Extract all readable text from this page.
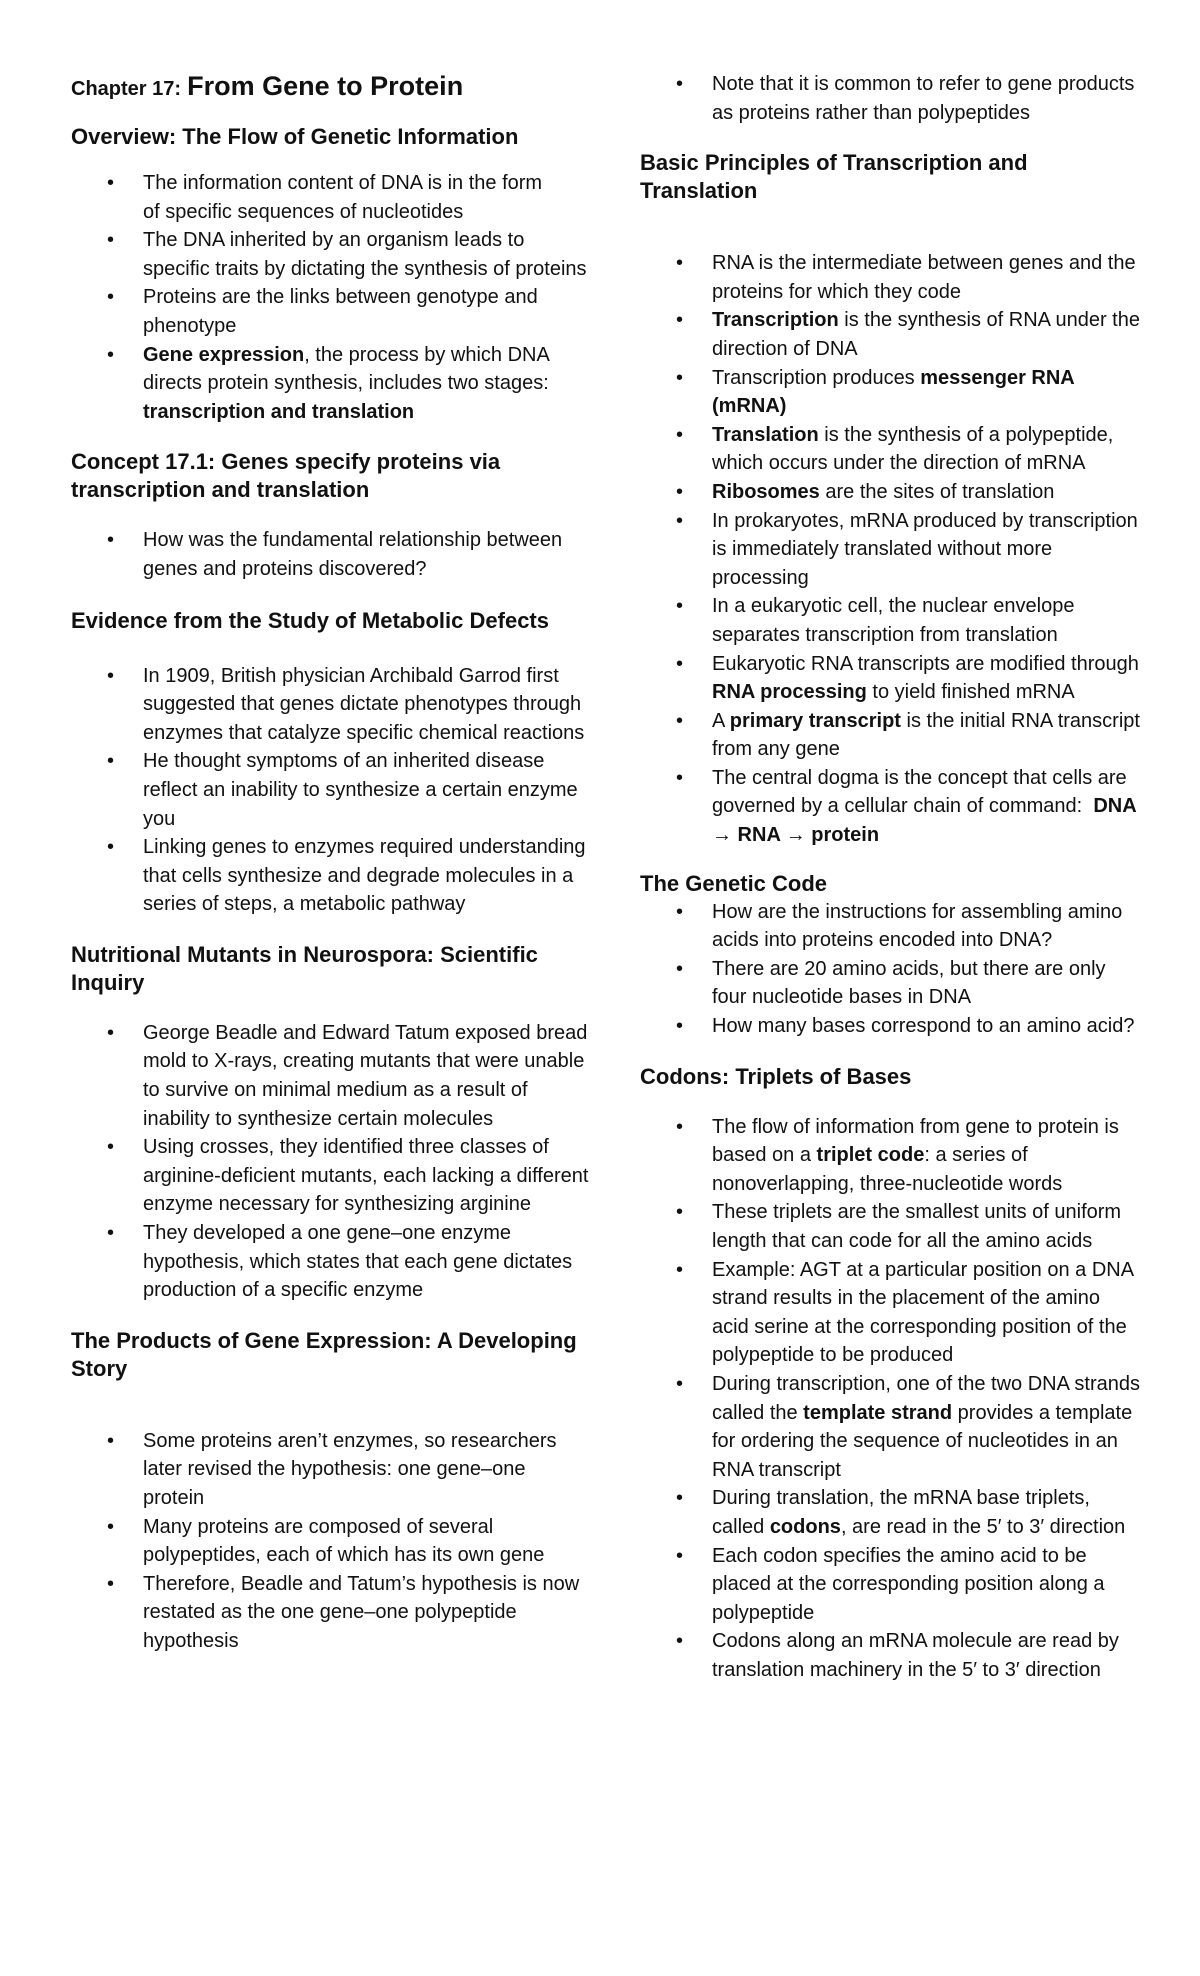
Chapter 17: From Gene to Protein
Overview: The Flow of Genetic Information
• The information content of DNA is in the form
of specific sequences of nucleotides
• The DNA inherited by an organism leads to specific traits by dictating the synthesis of proteins
• Proteins are the links between genotype and phenotype
• Gene expression, the process by which DNA directs protein synthesis, includes two stages: transcription and translation
Concept 17.1: Genes specify proteins via transcription and translation
• How was the fundamental relationship between genes and proteins discovered?
Evidence from the Study of Metabolic Defects
• In 1909, British physician Archibald Garrod first suggested that genes dictate phenotypes through enzymes that catalyze specific chemical reactions
• He thought symptoms of an inherited disease reflect an inability to synthesize a certain enzyme you
• Linking genes to enzymes required understanding that cells synthesize and degrade molecules in a series of steps, a metabolic pathway
Nutritional Mutants in Neurospora: Scientific Inquiry
• George Beadle and Edward Tatum exposed bread mold to X-rays, creating mutants that were unable to survive on minimal medium as a result of inability to synthesize certain molecules
• Using crosses, they identified three classes of arginine-deficient mutants, each lacking a different enzyme necessary for synthesizing arginine
• They developed a one gene–one enzyme hypothesis, which states that each gene dictates production of a specific enzyme
The Products of Gene Expression: A Developing Story
• Some proteins aren’t enzymes, so researchers later revised the hypothesis: one gene–one protein
• Many proteins are composed of several polypeptides, each of which has its own gene
• Therefore, Beadle and Tatum’s hypothesis is now restated as the one gene–one polypeptide hypothesis
• Note that it is common to refer to gene products as proteins rather than polypeptides
Basic Principles of Transcription and Translation
• RNA is the intermediate between genes and the proteins for which they code
• Transcription is the synthesis of RNA under the direction of DNA
• Transcription produces messenger RNA (mRNA)
• Translation is the synthesis of a polypeptide, which occurs under the direction of mRNA
• Ribosomes are the sites of translation
• In prokaryotes, mRNA produced by transcription is immediately translated without more processing
• In a eukaryotic cell, the nuclear envelope separates transcription from translation
• Eukaryotic RNA transcripts are modified through RNA processing to yield finished mRNA
• A primary transcript is the initial RNA transcript from any gene
• The central dogma is the concept that cells are governed by a cellular chain of command:  DNA → RNA → protein
The Genetic Code
• How are the instructions for assembling amino acids into proteins encoded into DNA?
• There are 20 amino acids, but there are only four nucleotide bases in DNA
• How many bases correspond to an amino acid?
Codons: Triplets of Bases
• The flow of information from gene to protein is based on a triplet code: a series of nonoverlapping, three-nucleotide words
• These triplets are the smallest units of uniform length that can code for all the amino acids
• Example: AGT at a particular position on a DNA strand results in the placement of the amino acid serine at the corresponding position of the polypeptide to be produced
• During transcription, one of the two DNA strands called the template strand provides a template for ordering the sequence of nucleotides in an RNA transcript
• During translation, the mRNA base triplets, called codons, are read in the 5′ to 3′ direction
• Each codon specifies the amino acid to be placed at the corresponding position along a polypeptide
• Codons along an mRNA molecule are read by translation machinery in the 5′ to 3′ direction
